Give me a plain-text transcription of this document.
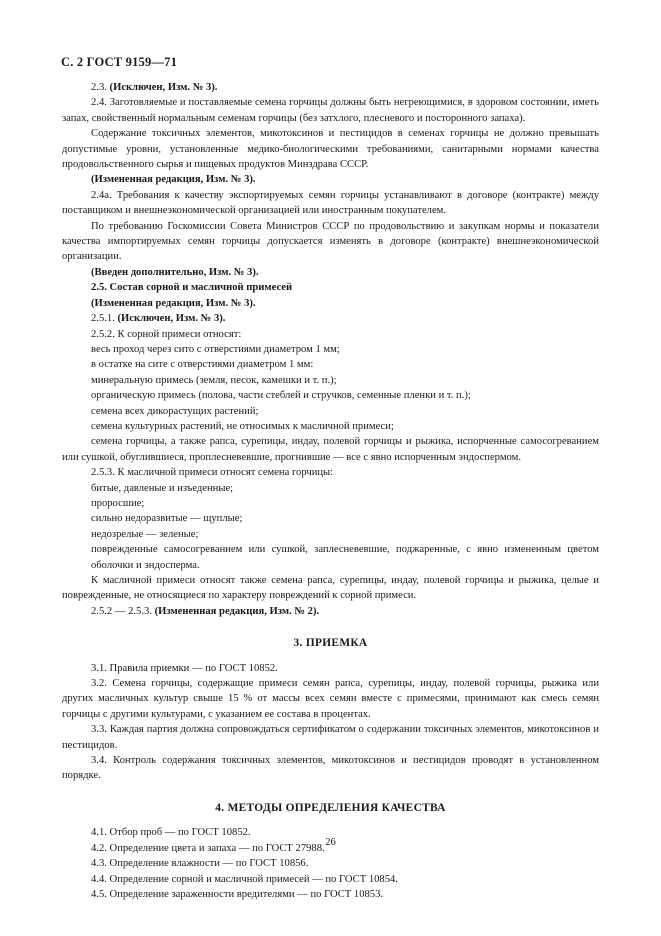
С. 2 ГОСТ 9159—71

2.3. (Исключен, Изм. № 3).

2.4. Заготовляемые и поставляемые семена горчицы должны быть негреющимися, в здоровом состоянии, иметь запах, свойственный нормальным семенам горчицы (без затхлого, плесневого и посторонного запаха).

Содержание токсичных элементов, микотоксинов и пестицидов в семенах горчицы не должно превышать допустимые уровни, установленные медико-биологическими требованиями, санитарными нормами качества продовольственного сырья и пищевых продуктов Минздрава СССР.

(Измененная редакция, Изм. № 3).

2.4а. Требования к качеству экспортируемых семян горчицы устанавливают в договоре (контракте) между поставщиком и внешнеэкономической организацией или иностранным покупателем.

По требованию Госкомиссии Совета Министров СССР по продовольствию и закупкам нормы и показатели качества импортируемых семян горчицы допускается изменять в договоре (контракте) внешнеэкономической организации.

(Введен дополнительно, Изм. № 3).

2.5. Состав сорной и масличной примесей

(Измененная редакция, Изм. № 3).

2.5.1. (Исключен, Изм. № 3).

2.5.2. К сорной примеси относят:

весь проход через сито с отверстиями диаметром 1 мм;

в остатке на сите с отверстиями диаметром 1 мм:

минеральную примесь (земля, песок, камешки и т. п.);

органическую примесь (полова, части стеблей и стручков, семенные пленки и т. п.);

семена всех дикорастущих растений;

семена культурных растений, не относимых к масличной примеси;

семена горчицы, а также рапса, сурепицы, индау, полевой горчицы и рыжика, испорченные самосогреванием или сушкой, обуглившиеся, проплесневевшие, прогнившие — все с явно испорченным эндоспермом.

2.5.3. К масличной примеси относят семена горчицы:

битые, давленые и изъеденные;

проросшие;

сильно недоразвитые — щуплые;

недозрелые — зеленые;

поврежденные самосогреванием или сушкой, заплесневевшие, поджаренные, с явно измененным цветом оболочки и эндосперма.

К масличной примеси относят также семена рапса, сурепицы, индау, полевой горчицы и рыжика, целые и поврежденные, не относящиеся по характеру повреждений к сорной примеси.

2.5.2 — 2.5.3. (Измененная редакция, Изм. № 2).

3. ПРИЕМКА

3.1. Правила приемки — по ГОСТ 10852.

3.2. Семена горчицы, содержащие примеси семян рапса, сурепицы, индау, полевой горчицы, рыжика или других масличных культур свыше 15 % от массы всех семян вместе с примесями, принимают как смесь семян горчицы с другими культурами, с указанием ее состава в процентах.

3.3. Каждая партия должна сопровождаться сертификатом о содержании токсичных элементов, микотоксинов и пестицидов.

3.4. Контроль содержания токсичных элементов, микотоксинов и пестицидов проводят в установленном порядке.

4. МЕТОДЫ ОПРЕДЕЛЕНИЯ КАЧЕСТВА

4.1. Отбор проб — по ГОСТ 10852.

4.2. Определение цвета и запаха — по ГОСТ 27988.

4.3. Определение влажности — по ГОСТ 10856.

4.4. Определение сорной и масличной примесей — по ГОСТ 10854.

4.5. Определение зараженности вредителями — по ГОСТ 10853.

26
